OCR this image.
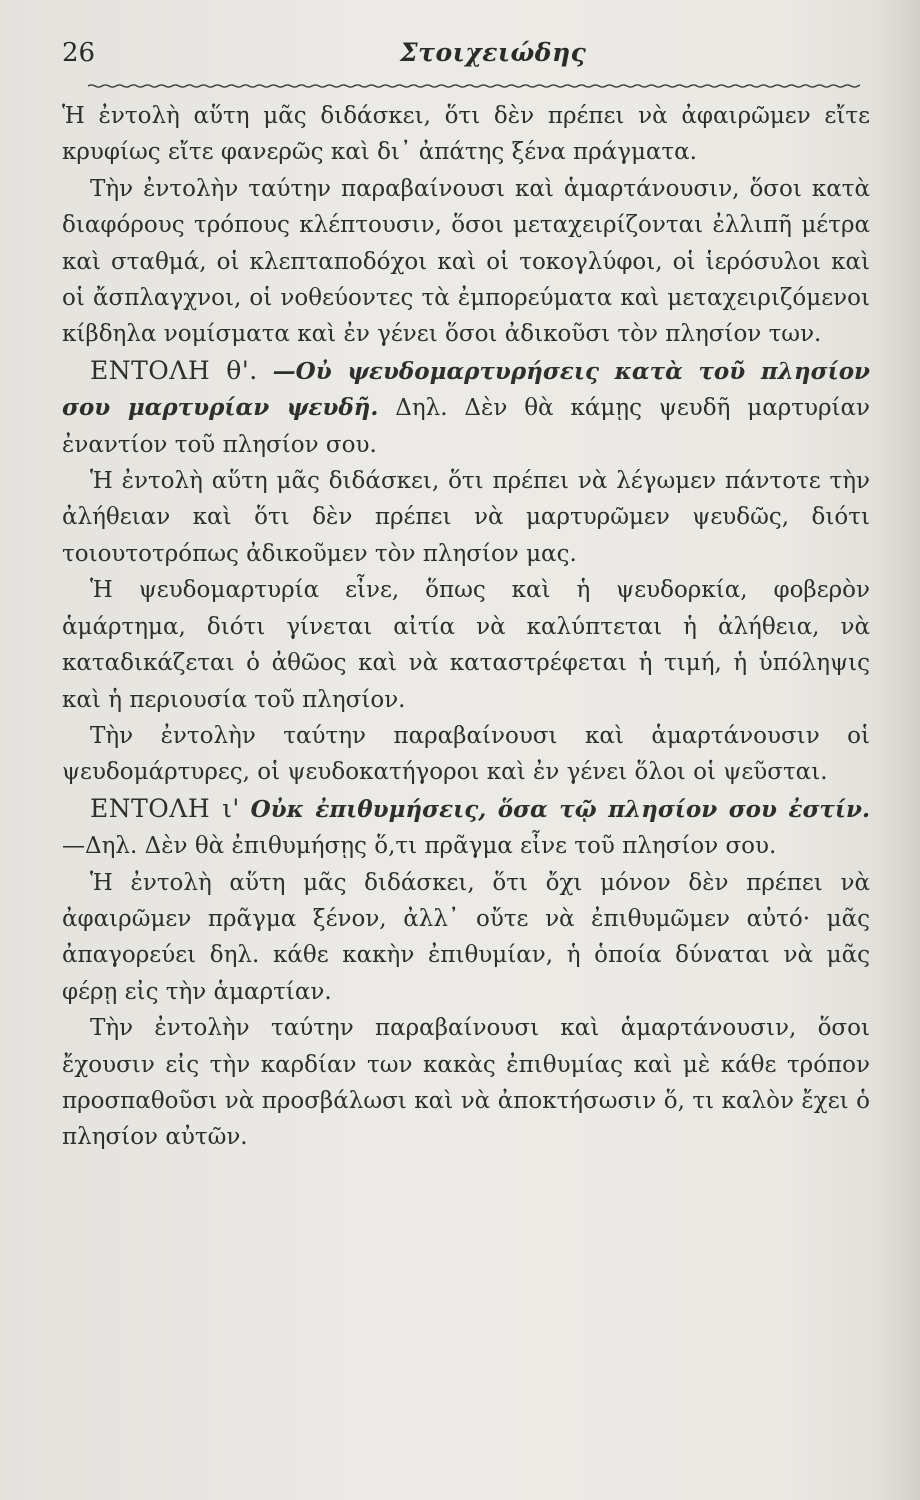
26	Στοιχειώδης

Ἡ ἐντολὴ αὕτη μᾶς διδάσκει, ὅτι δὲν πρέπει νὰ ἀφαιρῶμεν εἴτε κρυφίως εἴτε φανερῶς καὶ δι᾽ ἀπάτης ξένα πράγματα.

Τὴν ἐντολὴν ταύτην παραβαίνουσι καὶ ἁμαρτάνουσιν, ὅσοι κατὰ διαφόρους τρόπους κλέπτουσιν, ὅσοι μεταχειρίζονται ἐλλιπῆ μέτρα καὶ σταθμά, οἱ κλεπταποδόχοι καὶ οἱ τοκογλύφοι, οἱ ἱερόσυλοι καὶ οἱ ἄσπλαγχνοι, οἱ νοθεύοντες τὰ ἐμπορεύματα καὶ μεταχειριζόμενοι κίβδηλα νομίσματα καὶ ἐν γένει ὅσοι ἀδικοῦσι τὸν πλησίον των.

ΕΝΤΟΛΗ θ'. —Οὐ ψευδομαρτυρήσεις κατὰ τοῦ πλησίον σου μαρτυρίαν ψευδῆ. Δηλ. Δὲν θὰ κάμῃς ψευδῆ μαρτυρίαν ἐναντίον τοῦ πλησίον σου.

Ἡ ἐντολὴ αὕτη μᾶς διδάσκει, ὅτι πρέπει νὰ λέγωμεν πάντοτε τὴν ἀλήθειαν καὶ ὅτι δὲν πρέπει νὰ μαρτυρῶμεν ψευδῶς, διότι τοιουτοτρόπως ἀδικοῦμεν τὸν πλησίον μας.

Ἡ ψευδομαρτυρία εἶνε, ὅπως καὶ ἡ ψευδορκία, φοβερὸν ἁμάρτημα, διότι γίνεται αἰτία νὰ καλύπτεται ἡ ἀλήθεια, νὰ καταδικάζεται ὁ ἀθῶος καὶ νὰ καταστρέφεται ἡ τιμή, ἡ ὑπόληψις καὶ ἡ περιουσία τοῦ πλησίον.

Τὴν ἐντολὴν ταύτην παραβαίνουσι καὶ ἁμαρτάνουσιν οἱ ψευδομάρτυρες, οἱ ψευδοκατήγοροι καὶ ἐν γένει ὅλοι οἱ ψεῦσται.

ΕΝΤΟΛΗ ι' Οὐκ ἐπιθυμήσεις, ὅσα τῷ πλησίον σου ἐστίν. —Δηλ. Δὲν θὰ ἐπιθυμήσῃς ὅ,τι πρᾶγμα εἶνε τοῦ πλησίον σου.

Ἡ ἐντολὴ αὕτη μᾶς διδάσκει, ὅτι ὄχι μόνον δὲν πρέπει νὰ ἀφαιρῶμεν πρᾶγμα ξένον, ἀλλ᾽ οὔτε νὰ ἐπιθυμῶμεν αὐτό· μᾶς ἀπαγορεύει δηλ. κάθε κακὴν ἐπιθυμίαν, ἡ ὁποία δύναται νὰ μᾶς φέρῃ εἰς τὴν ἁμαρτίαν.

Τὴν ἐντολὴν ταύτην παραβαίνουσι καὶ ἁμαρτάνουσιν, ὅσοι ἔχουσιν εἰς τὴν καρδίαν των κακὰς ἐπιθυμίας καὶ μὲ κάθε τρόπον προσπαθοῦσι νὰ προσβάλωσι καὶ νὰ ἀποκτήσωσιν ὅ, τι καλὸν ἔχει ὁ πλησίον αὐτῶν.
